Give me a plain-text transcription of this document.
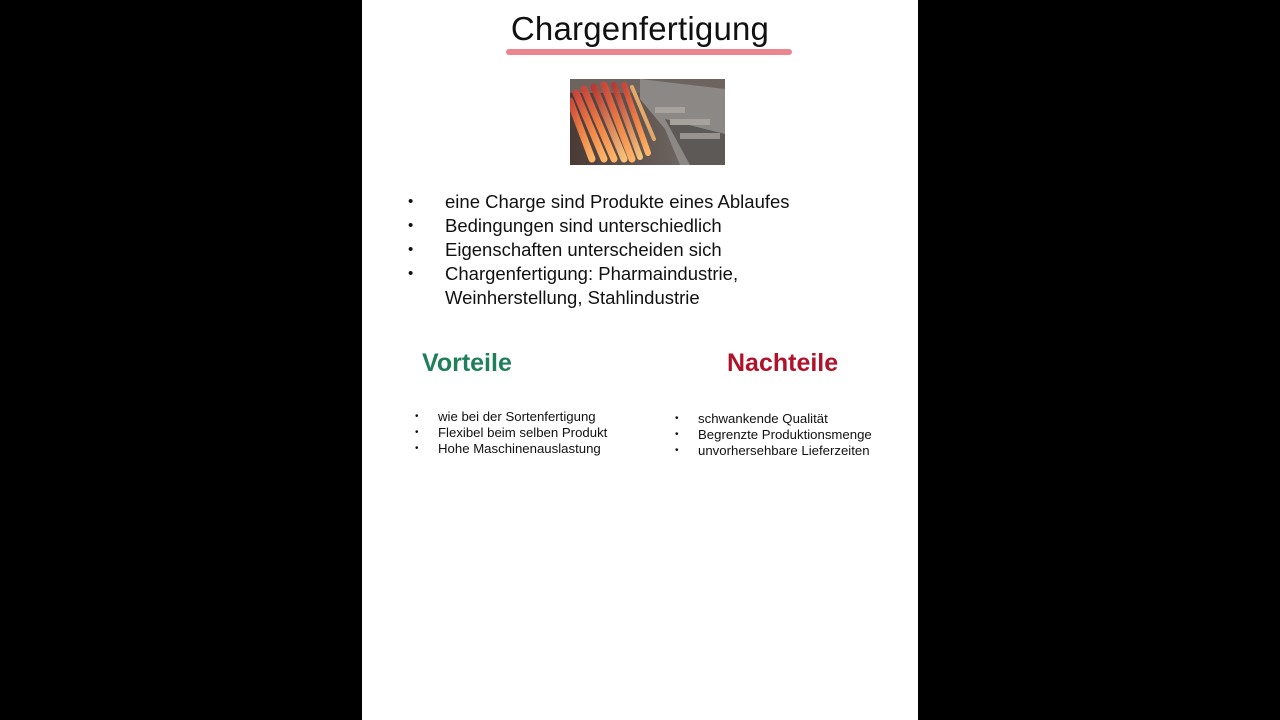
Chargenfertigung
• eine Charge sind Produkte eines Ablaufes
• Bedingungen sind unterschiedlich
• Eigenschaften unterscheiden sich
• Chargenfertigung: Pharmaindustrie,
Weinherstellung, Stahlindustrie
Vorteile
• wie bei der Sortenfertigung
• Flexibel beim selben Produkt
• Hohe Maschinenauslastung
Nachteile
• schwankende Qualität
• Begrenzte Produktionsmenge
• unvorhersehbare Lieferzeiten
